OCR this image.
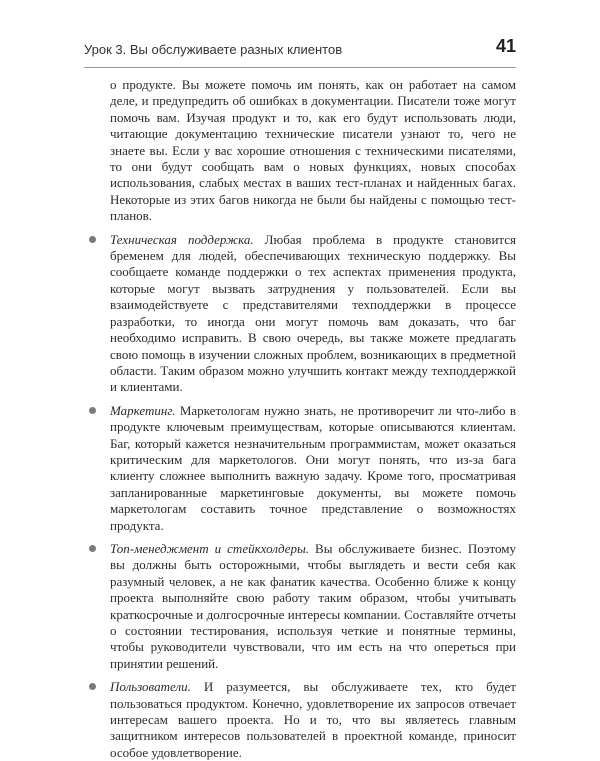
Урок 3. Вы обслуживаете разных клиентов	41

о продукте. Вы можете помочь им понять, как он работает на самом деле, и предупредить об ошибках в документации. Писатели тоже могут помочь вам. Изучая продукт и то, как его будут использовать люди, читающие документацию технические писатели узнают то, чего не знаете вы. Если у вас хорошие отношения с техническими писателями, то они будут сообщать вам о новых функциях, новых способах использования, слабых местах в ваших тест-планах и найденных багах. Некоторые из этих багов никогда не были бы найдены с помощью тест-планов.

Техническая поддержка. Любая проблема в продукте становится бременем для людей, обеспечивающих техническую поддержку. Вы сообщаете команде поддержки о тех аспектах применения продукта, которые могут вызвать затруднения у пользователей. Если вы взаимодействуете с представителями техподдержки в процессе разработки, то иногда они могут помочь вам доказать, что баг необходимо исправить. В свою очередь, вы также можете предлагать свою помощь в изучении сложных проблем, возникающих в предметной области. Таким образом можно улучшить контакт между техподдержкой и клиентами.

Маркетинг. Маркетологам нужно знать, не противоречит ли что-либо в продукте ключевым преимуществам, которые описываются клиентам. Баг, который кажется незначительным программистам, может оказаться критическим для маркетологов. Они могут понять, что из-за бага клиенту сложнее выполнить важную задачу. Кроме того, просматривая запланированные маркетинговые документы, вы можете помочь маркетологам составить точное представление о возможностях продукта.

Топ-менеджмент и стейкхолдеры. Вы обслуживаете бизнес. Поэтому вы должны быть осторожными, чтобы выглядеть и вести себя как разумный человек, а не как фанатик качества. Особенно ближе к концу проекта выполняйте свою работу таким образом, чтобы учитывать краткосрочные и долгосрочные интересы компании. Составляйте отчеты о состоянии тестирования, используя четкие и понятные термины, чтобы руководители чувствовали, что им есть на что опереться при принятии решений.

Пользователи. И разумеется, вы обслуживаете тех, кто будет пользоваться продуктом. Конечно, удовлетворение их запросов отвечает интересам вашего проекта. Но и то, что вы являетесь главным защитником интересов пользователей в проектной команде, приносит особое удовлетворение.
